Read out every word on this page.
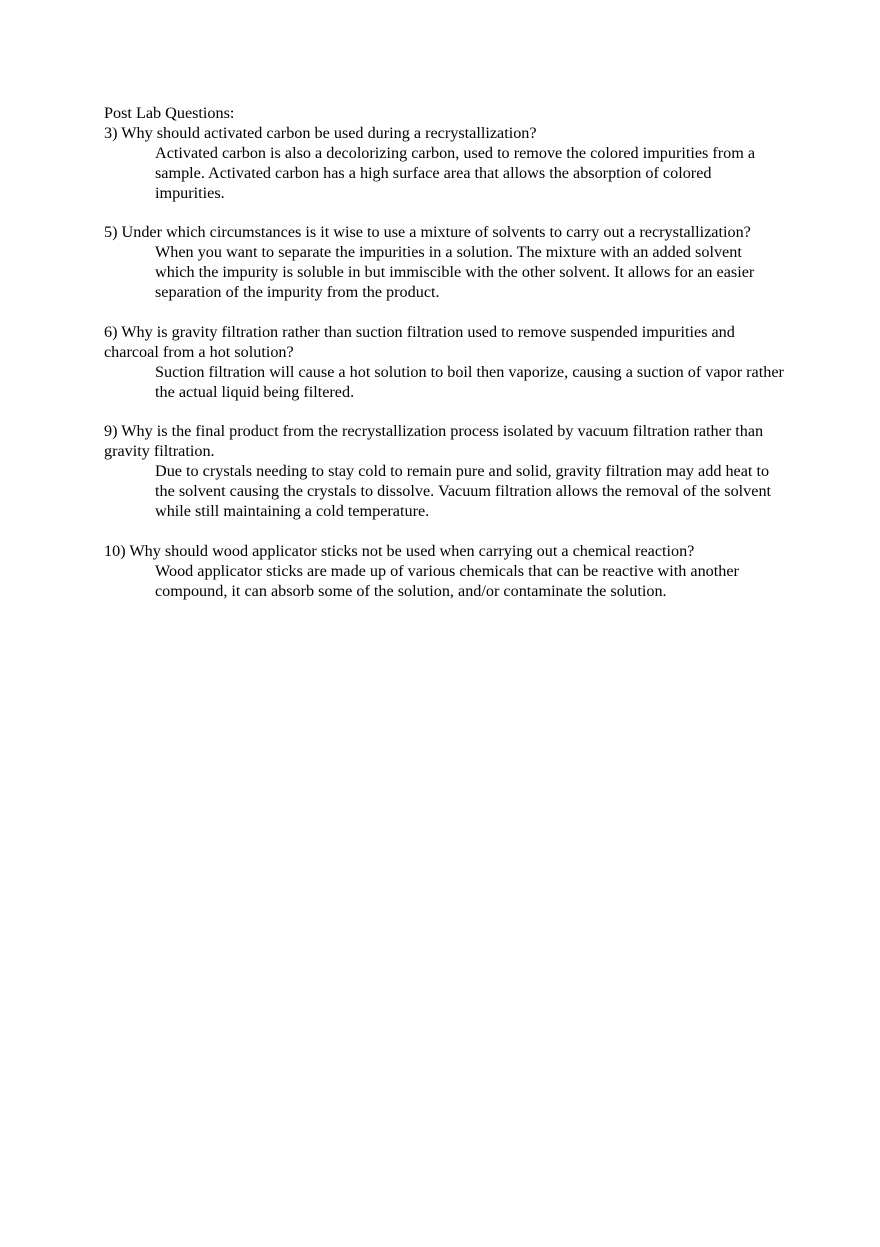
Post Lab Questions:

3) Why should activated carbon be used during a recrystallization?

Activated carbon is also a decolorizing carbon, used to remove the colored impurities from a sample. Activated carbon has a high surface area that allows the absorption of colored impurities.

5) Under which circumstances is it wise to use a mixture of solvents to carry out a recrystallization?

When you want to separate the impurities in a solution. The mixture with an added solvent which the impurity is soluble in but immiscible with the other solvent. It allows for an easier separation of the impurity from the product.

6) Why is gravity filtration rather than suction filtration used to remove suspended impurities and charcoal from a hot solution?

Suction filtration will cause a hot solution to boil then vaporize, causing a suction of vapor rather the actual liquid being filtered.

9) Why is the final product from the recrystallization process isolated by vacuum filtration rather than gravity filtration.

Due to crystals needing to stay cold to remain pure and solid, gravity filtration may add heat to the solvent causing the crystals to dissolve. Vacuum filtration allows the removal of the solvent while still maintaining a cold temperature.

10) Why should wood applicator sticks not be used when carrying out a chemical reaction?

Wood applicator sticks are made up of various chemicals that can be reactive with another compound, it can absorb some of the solution, and/or contaminate the solution.
